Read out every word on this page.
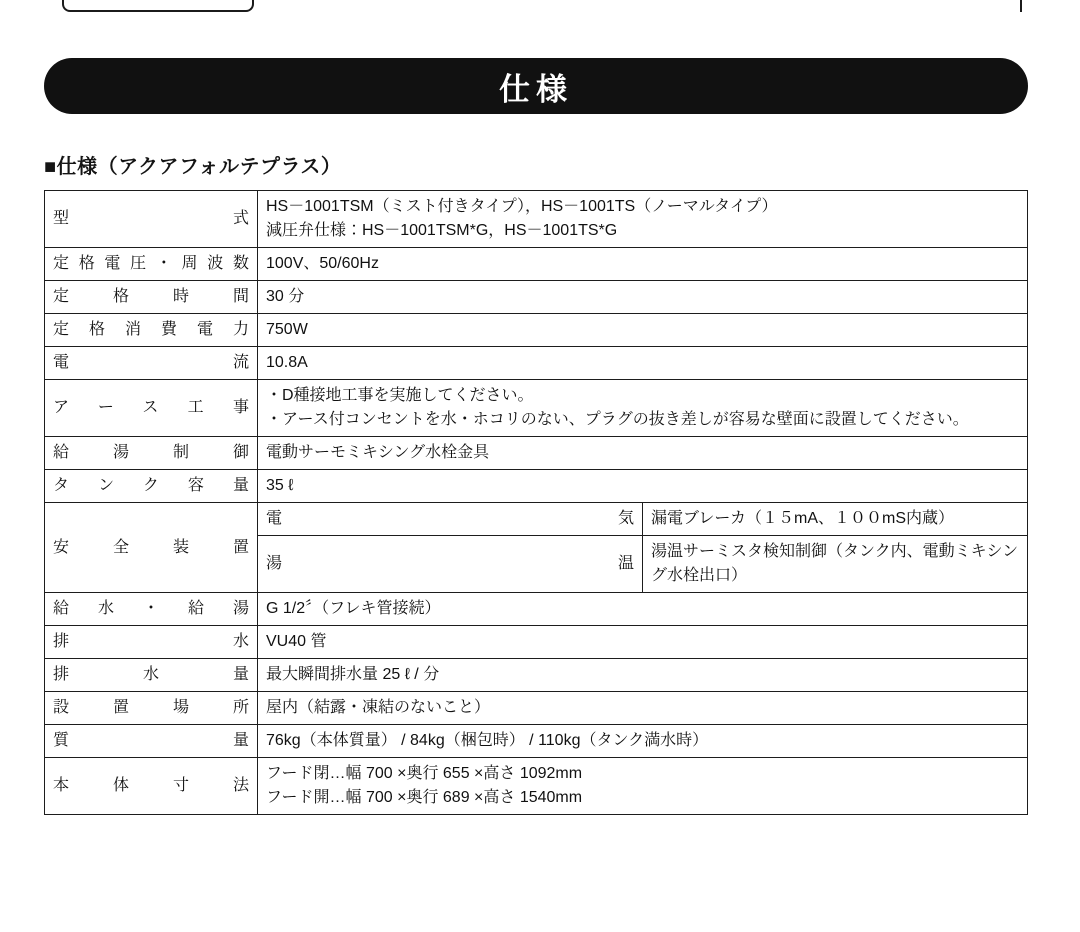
仕様
■仕様（アクアフォルテプラス）
型式	HS－1001TSM（ミスト付きタイプ），HS－1001TS（ノーマルタイプ）
減圧弁仕様：HS－1001TSM*G，HS－1001TS*G	

定格電圧・周波数	100V、50/60Hz	
定格時間	30 分	
定格消費電力	750W	
電流	10.8A	
アース工事	・D種接地工事を実施してください。
・アース付コンセントを水・ホコリのない、プラグの抜き差しが容易な壁面に設置してください。	

給湯制御	電動サーモミキシング水栓金具	
タンク容量	35 ℓ	
安全装置	電気	漏電ブレーカ（１５mA、１００mS内蔵）
	湯温	湯温サーミスタ検知制御（タンク内、電動ミキシング水栓出口）
給水・給湯	G 1/2〞（フレキ管接続）	
排水	VU40 管	
排水量	最大瞬間排水量 25 ℓ / 分	
設置場所	屋内（結露・凍結のないこと）	
質量	76kg（本体質量） / 84kg（梱包時） / 110kg（タンク満水時）	
本体寸法	フード閉…幅 700 ×奥行 655 ×高さ 1092mm
フード開…幅 700 ×奥行 689 ×高さ 1540mm	
